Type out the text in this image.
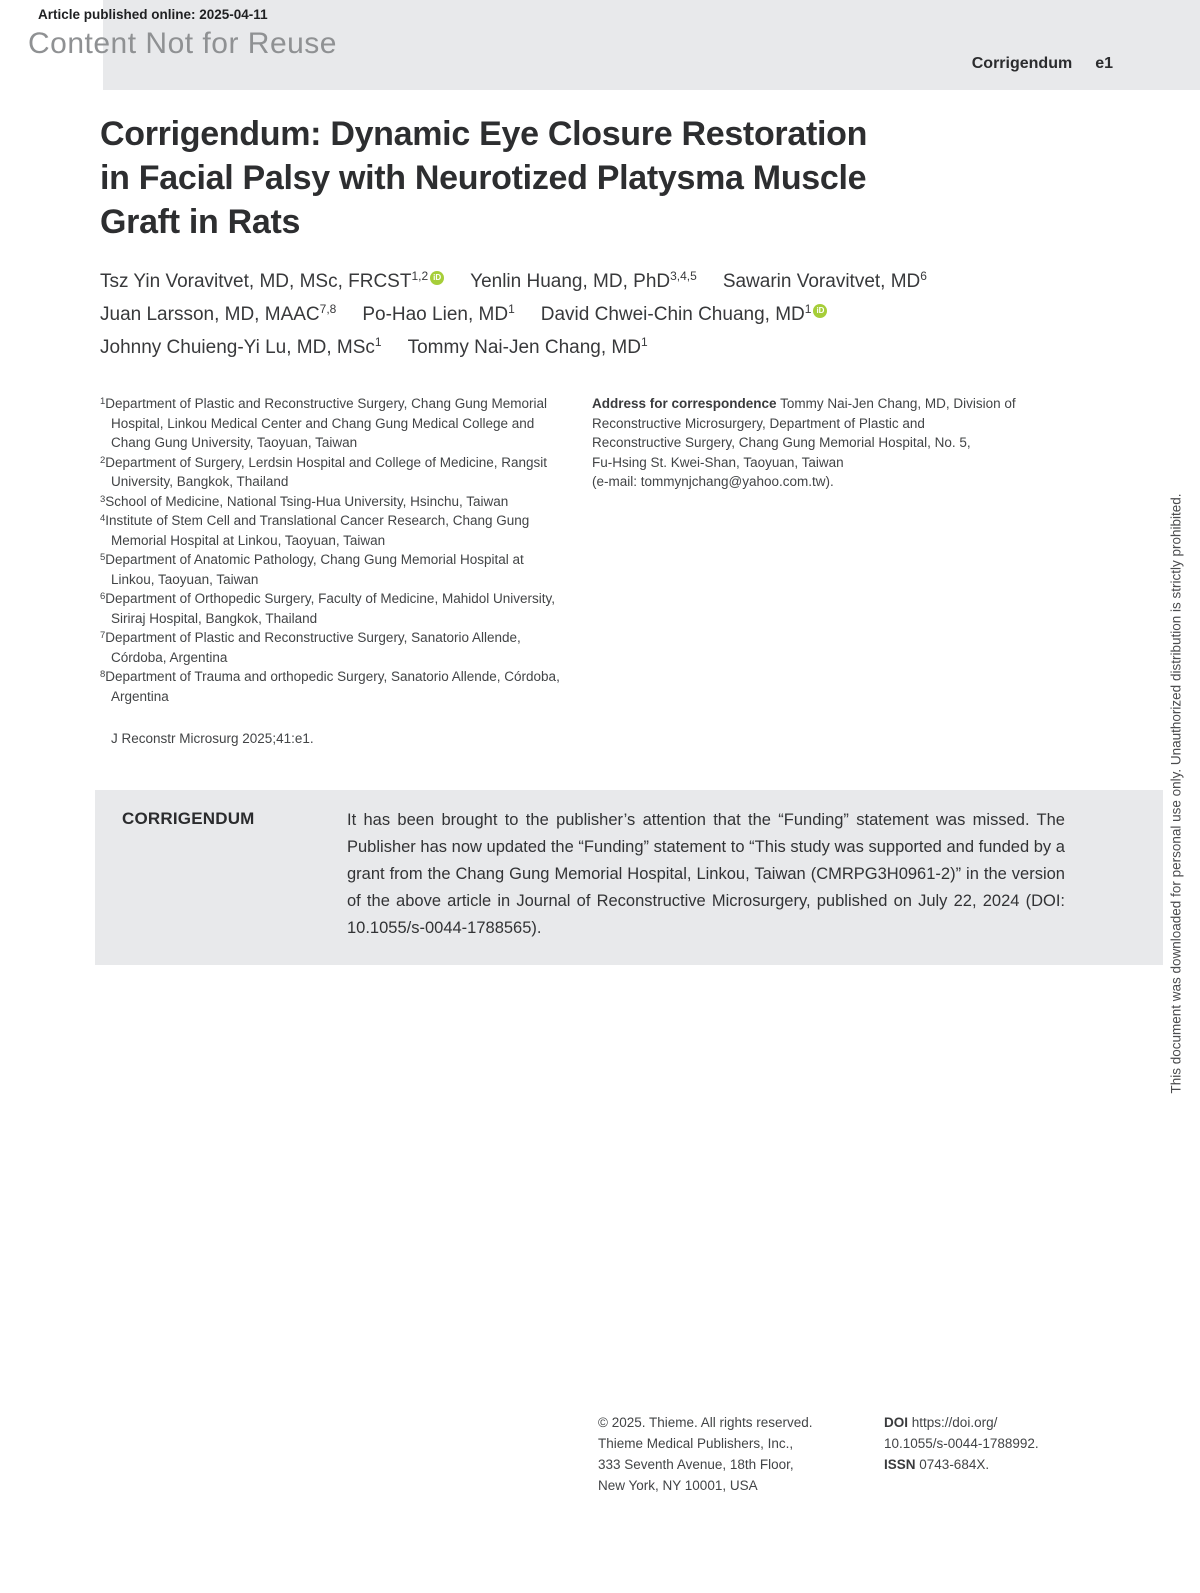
Article published online: 2025-04-11
Content Not for Reuse
Corrigendum e1
Corrigendum: Dynamic Eye Closure Restoration
in Facial Palsy with Neurotized Platysma Muscle
Graft in Rats
Tsz Yin Voravitvet, MD, MSc, FRCST$^{1,2}$ iD Yenlin Huang, MD, PhD$^{3,4,5}$ Sawarin Voravitvet, $MD^6$
Juan Larsson, MD, MAAC$^{7,8}$ Po-Hao Lien, $MD^1$ David Chwei-Chin Chuang, $MD^1$ iD
Johnny Chuieng-Yi Lu, MD, MSc$^1$ Tommy Nai-Jen Chang, $MD^1$
$^1$Department of Plastic and Reconstructive Surgery, Chang Gung Memorial Hospital, Linkou Medical Center and Chang Gung Medical College and Chang Gung University, Taoyuan, Taiwan
$^2$Department of Surgery, Lerdsin Hospital and College of Medicine, Rangsit University, Bangkok, Thailand
$^3$School of Medicine, National Tsing-Hua University, Hsinchu, Taiwan
$^4$Institute of Stem Cell and Translational Cancer Research, Chang Gung Memorial Hospital at Linkou, Taoyuan, Taiwan
$^5$Department of Anatomic Pathology, Chang Gung Memorial Hospital at Linkou, Taoyuan, Taiwan
$^6$Department of Orthopedic Surgery, Faculty of Medicine, Mahidol University, Siriraj Hospital, Bangkok, Thailand
$^7$Department of Plastic and Reconstructive Surgery, Sanatorio Allende, Córdoba, Argentina
$^8$Department of Trauma and orthopedic Surgery, Sanatorio Allende, Córdoba, Argentina
Address for correspondence Tommy Nai-Jen Chang, MD, Division of
Reconstructive Microsurgery, Department of Plastic and
Reconstructive Surgery, Chang Gung Memorial Hospital, No. 5,
Fu-Hsing St. Kwei-Shan, Taoyuan, Taiwan
(e-mail: tommynjchang@yahoo.com.tw).
J Reconstr Microsurg 2025;41:e1.
CORRIGENDUM	It has been brought to the publisher’s attention that the “Funding” statement was missed. The Publisher has now updated the “Funding” statement to “This study was supported and funded by a grant from the Chang Gung Memorial Hospital, Linkou, Taiwan (CMRPG3H0961-2)” in the version of the above article in Journal of Reconstructive Microsurgery, published on July 22, 2024 (DOI: 10.1055/s-0044-1788565).
© 2025. Thieme. All rights reserved.
Thieme Medical Publishers, Inc.,
333 Seventh Avenue, 18th Floor,
New York, NY 10001, USA
DOI https://doi.org/
10.1055/s-0044-1788992.
ISSN 0743-684X.
This document was downloaded for personal use only. Unauthorized distribution is strictly prohibited.
